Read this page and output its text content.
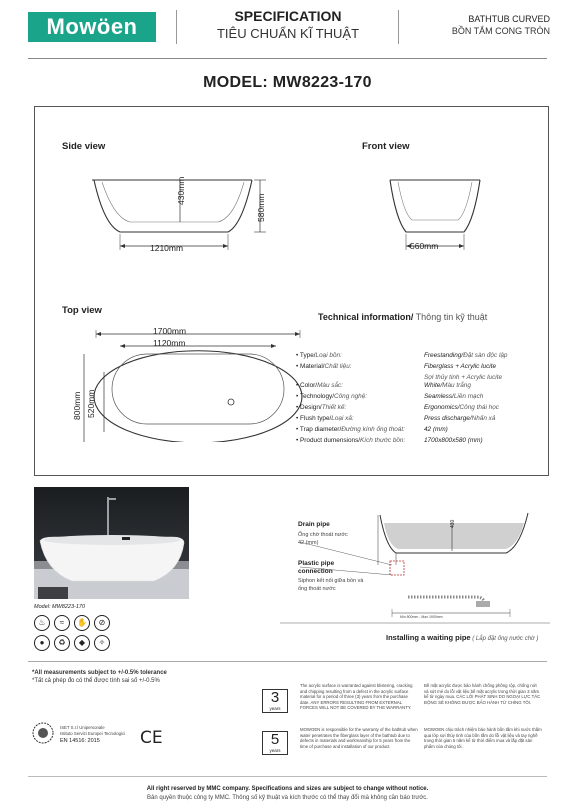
Mowöen	SPECIFICATION
TIÊU CHUẨN KĨ THUẬT
BATHTUB CURVED
BỒN TẮM CONG TRÒN
MODEL: MW8223-170
Side view	Front view
Top view
430mm
580mm
1210mm	560mm
1700mm
1120mm
800mm 520mm
Technical information/ Thông tin kỹ thuật
• Type/Loại bồn:	Freestanding/Đặt sàn độc lập
• Material/Chất liệu:	Fiberglass + Acrylic lucite
Sợi thủy tinh + Acrylic lucite
• Color/Màu sắc:	White/Màu trắng
• Technology/Công nghệ:	Seamless/Liền mạch
• Design/Thiết kế:	Ergonomics/Công thái học
• Flush type/Loại xả:	Press discharge/Nhấn xả
• Trap diameter/Đường kính ống thoát:	42 (mm)
• Product dumensions/Kích thước bồn:	1700x800x580 (mm)
Model: MW8223-170
♨	≈	✋	⊘
●	♻	◆	✧
430
Drain pipe
Ống chờ thoát nước
42 (mm)
Plastic pipe
connection
Siphon kết nối giữa bồn và
ống thoát nước
Min 500mm - Max 1900mm
Installing a waiting pipe ( Lắp đặt ống nước chờ )
*All measurements subject to +/-0.5% tolerance
*Tất cả phép đo có thể được tính sai số +/-0.5%
ISET S.r.l Unipersonale
Istituto Servizi Europei Tecnologici
EN 14516: 2015 CE
3
years
The acrylic surface is warranted against blistering, cracking and chipping resulting from a defect in the acrylic surface material for a period of three (3) years from the purchase date. ANY ERRORS RESULTING FROM EXTERNAL FORCES WILL NOT BE COVERED BY THE WARRANTY.
Bề mặt acrylic được bảo hành chống phồng rộp, chống nứt và sứt mẻ do lỗi vật liệu bề mặt acrylic trong thời gian 3 năm kể từ ngày mua. CÁC LỖI PHÁT SINH DO NGOẠI LỰC TÁC ĐỘNG SẼ KHÔNG ĐƯỢC BẢO HÀNH TỪ CHÍNG TÔI.
5
years
MOWOEN is responsible for the warranty of the bathtub when water penetrates the fiberglass layer of the bathtub due to defects in materials and workmanship for 5 years from the time of purchase and installation of our product.
MOWOEN chịu trách nhiệm bảo hành bồn tắm khi nước thấm qua lớp sợi thủy tinh của bồn tắm do lỗi vật liệu và tay nghề trong thời gian 5 năm kể từ thời điểm mua và lắp đặt sản phẩm của chúng tôi.
All right reserved by MMC company. Specifications and sizes are subject to change without notice.
Bản quyền thuộc công ty MMC. Thông số kỹ thuật và kích thước có thể thay đổi mà không cần báo trước.
